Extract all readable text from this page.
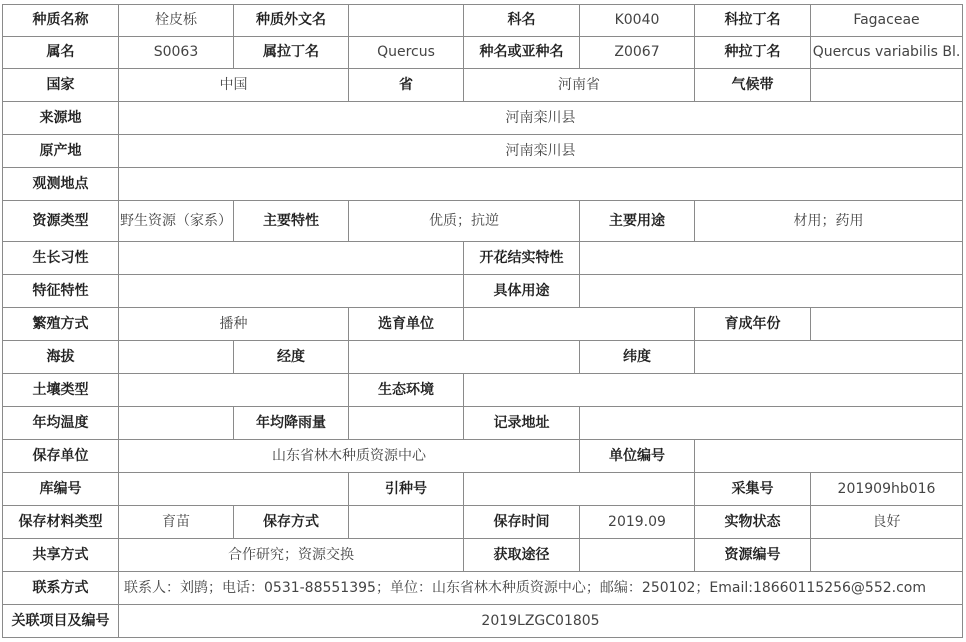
种质名称	栓皮栎	种质外文名		科名	K0040	科拉丁名	Fagaceae
属名	S0063	属拉丁名	Quercus	种名或亚种名	Z0067	种拉丁名	Quercus variabilis Bl.
国家	中国		省	河南省		气候带	
来源地	河南栾川县						
原产地	河南栾川县						
观测地点							
资源类型	野生资源（家系）	主要特性	优质；抗逆		主要用途	材用；药用	
生长习性				开花结实特性			
特征特性				具体用途			
繁殖方式	播种		选育单位			育成年份	
海拔		经度			纬度		
土壤类型			生态环境				
年均温度		年均降雨量		记录地址			
保存单位	山东省林木种质资源中心				单位编号		
库编号			引种号			采集号	201909hb016
保存材料类型	育苗	保存方式		保存时间	2019.09	实物状态	良好
共享方式	合作研究；资源交换			获取途径		资源编号	
联系方式	联系人：刘鹍；电话：0531-88551395；单位：山东省林木种质资源中心；邮编：250102；Email:18660115256@552.com						
关联项目及编号	2019LZGC01805						
